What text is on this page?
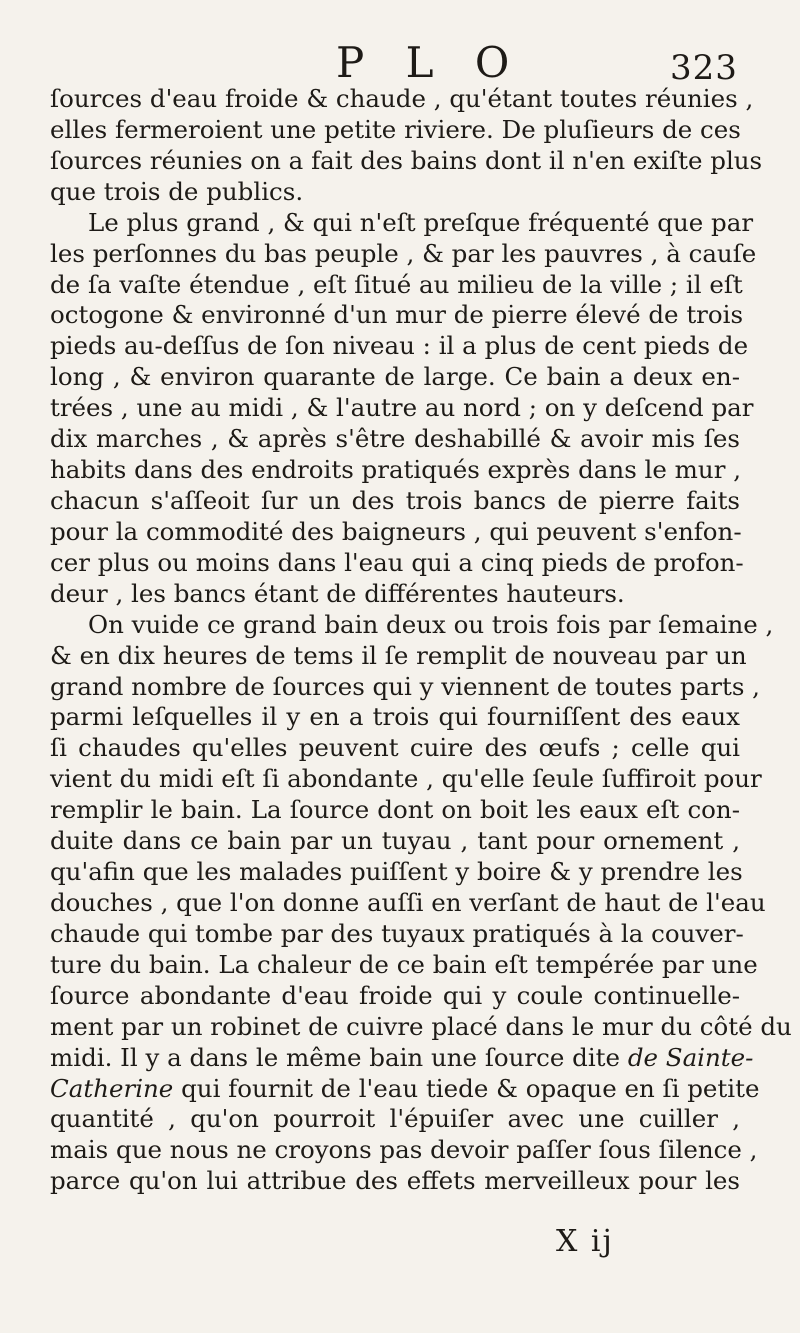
P L O	323
ſources d'eau froide & chaude , qu'étant toutes réunies ,
elles fermeroient une petite riviere. De pluſieurs de ces
ſources réunies on a fait des bains dont il n'en exiſte plus
que trois de publics.
Le plus grand , & qui n'eſt preſque fréquenté que par
les perſonnes du bas peuple , & par les pauvres , à cauſe
de ſa vaſte étendue , eſt ſitué au milieu de la ville ; il eſt
octogone & environné d'un mur de pierre élevé de trois
pieds au-deſſus de ſon niveau : il a plus de cent pieds de
long , & environ quarante de large. Ce bain a deux en-
trées , une au midi , & l'autre au nord ; on y deſcend par
dix marches , & après s'être deshabillé & avoir mis ſes
habits dans des endroits pratiqués exprès dans le mur ,
chacun s'aſſeoit ſur un des trois bancs de pierre faits
pour la commodité des baigneurs , qui peuvent s'enfon-
cer plus ou moins dans l'eau qui a cinq pieds de profon-
deur , les bancs étant de différentes hauteurs.
On vuide ce grand bain deux ou trois fois par ſemaine ,
& en dix heures de tems il ſe remplit de nouveau par un
grand nombre de ſources qui y viennent de toutes parts ,
parmi leſquelles il y en a trois qui fourniſſent des eaux
ſi chaudes qu'elles peuvent cuire des œufs ; celle qui
vient du midi eſt ſi abondante , qu'elle ſeule ſuffiroit pour
remplir le bain. La ſource dont on boit les eaux eſt con-
duite dans ce bain par un tuyau , tant pour ornement ,
qu'afin que les malades puiſſent y boire & y prendre les
douches , que l'on donne auſſi en verſant de haut de l'eau
chaude qui tombe par des tuyaux pratiqués à la couver-
ture du bain. La chaleur de ce bain eſt tempérée par une
ſource abondante d'eau froide qui y coule continuelle-
ment par un robinet de cuivre placé dans le mur du côté du
midi. Il y a dans le même bain une ſource dite de Sainte-
Catherine qui fournit de l'eau tiede & opaque en ſi petite
quantité , qu'on pourroit l'épuiſer avec une cuiller ,
mais que nous ne croyons pas devoir paſſer ſous ſilence ,
parce qu'on lui attribue des effets merveilleux pour les
X ij
